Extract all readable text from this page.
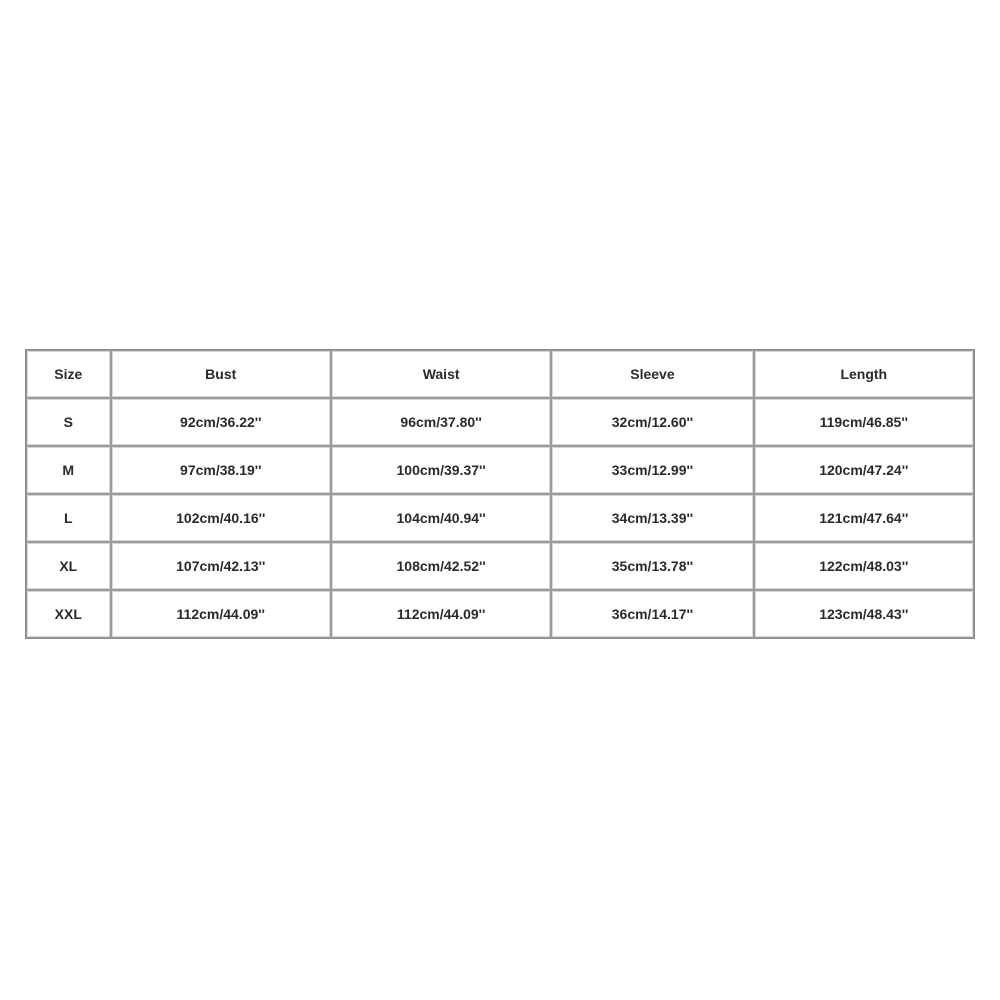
Size	Bust	Waist	Sleeve	Length
S	92cm/36.22''	96cm/37.80''	32cm/12.60''	119cm/46.85''
M	97cm/38.19''	100cm/39.37''	33cm/12.99''	120cm/47.24''
L	102cm/40.16''	104cm/40.94''	34cm/13.39''	121cm/47.64''
XL	107cm/42.13''	108cm/42.52''	35cm/13.78''	122cm/48.03''
XXL	112cm/44.09''	112cm/44.09''	36cm/14.17''	123cm/48.43''
